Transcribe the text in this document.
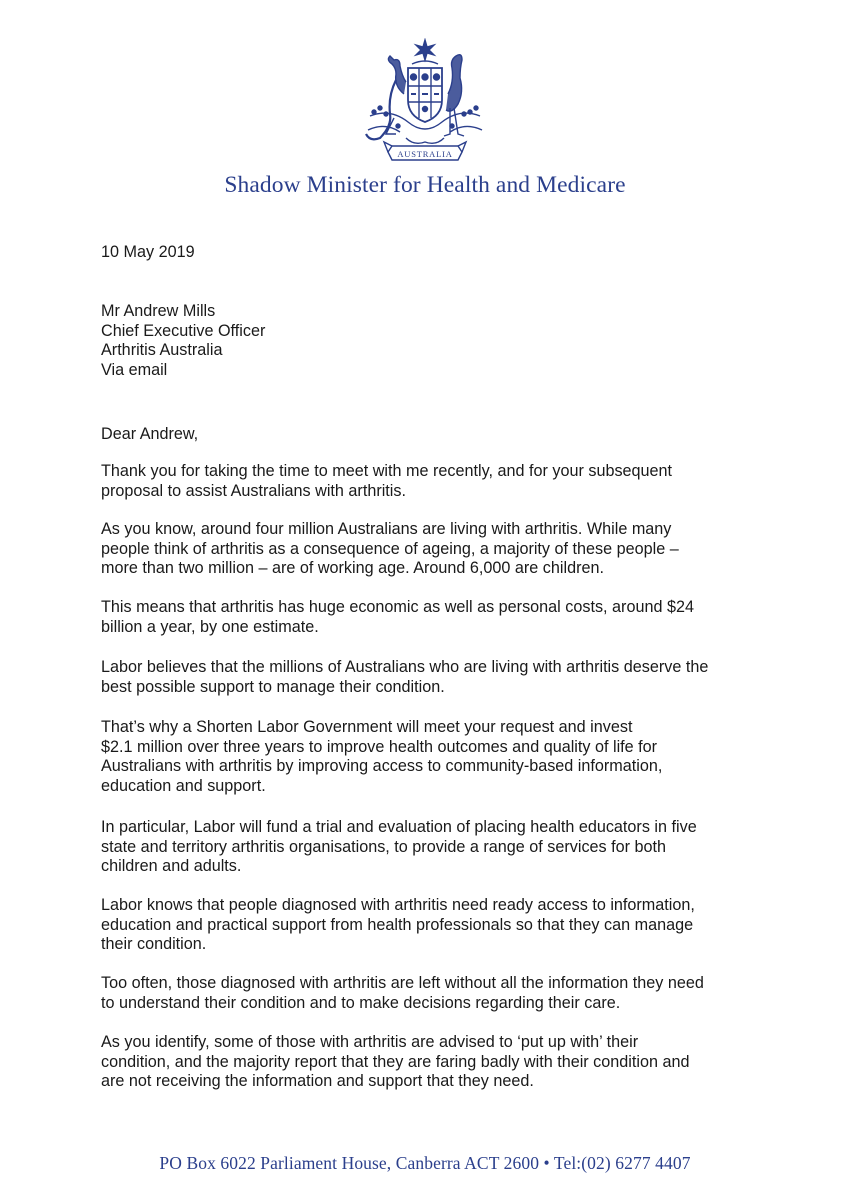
AUSTRALIA
Shadow Minister for Health and Medicare
10 May 2019
Mr Andrew Mills
Chief Executive Officer
Arthritis Australia
Via email
Dear Andrew,
Thank you for taking the time to meet with me recently, and for your subsequent
proposal to assist Australians with arthritis.
As you know, around four million Australians are living with arthritis. While many
people think of arthritis as a consequence of ageing, a majority of these people –
more than two million – are of working age. Around 6,000 are children.
This means that arthritis has huge economic as well as personal costs, around $24
billion a year, by one estimate.
Labor believes that the millions of Australians who are living with arthritis deserve the
best possible support to manage their condition.
That’s why a Shorten Labor Government will meet your request and invest
$2.1 million over three years to improve health outcomes and quality of life for
Australians with arthritis by improving access to community-based information,
education and support.
In particular, Labor will fund a trial and evaluation of placing health educators in five
state and territory arthritis organisations, to provide a range of services for both
children and adults.
Labor knows that people diagnosed with arthritis need ready access to information,
education and practical support from health professionals so that they can manage
their condition.
Too often, those diagnosed with arthritis are left without all the information they need
to understand their condition and to make decisions regarding their care.
As you identify, some of those with arthritis are advised to ‘put up with’ their
condition, and the majority report that they are faring badly with their condition and
are not receiving the information and support that they need.
PO Box 6022 Parliament House, Canberra ACT 2600 • Tel:(02) 6277 4407
